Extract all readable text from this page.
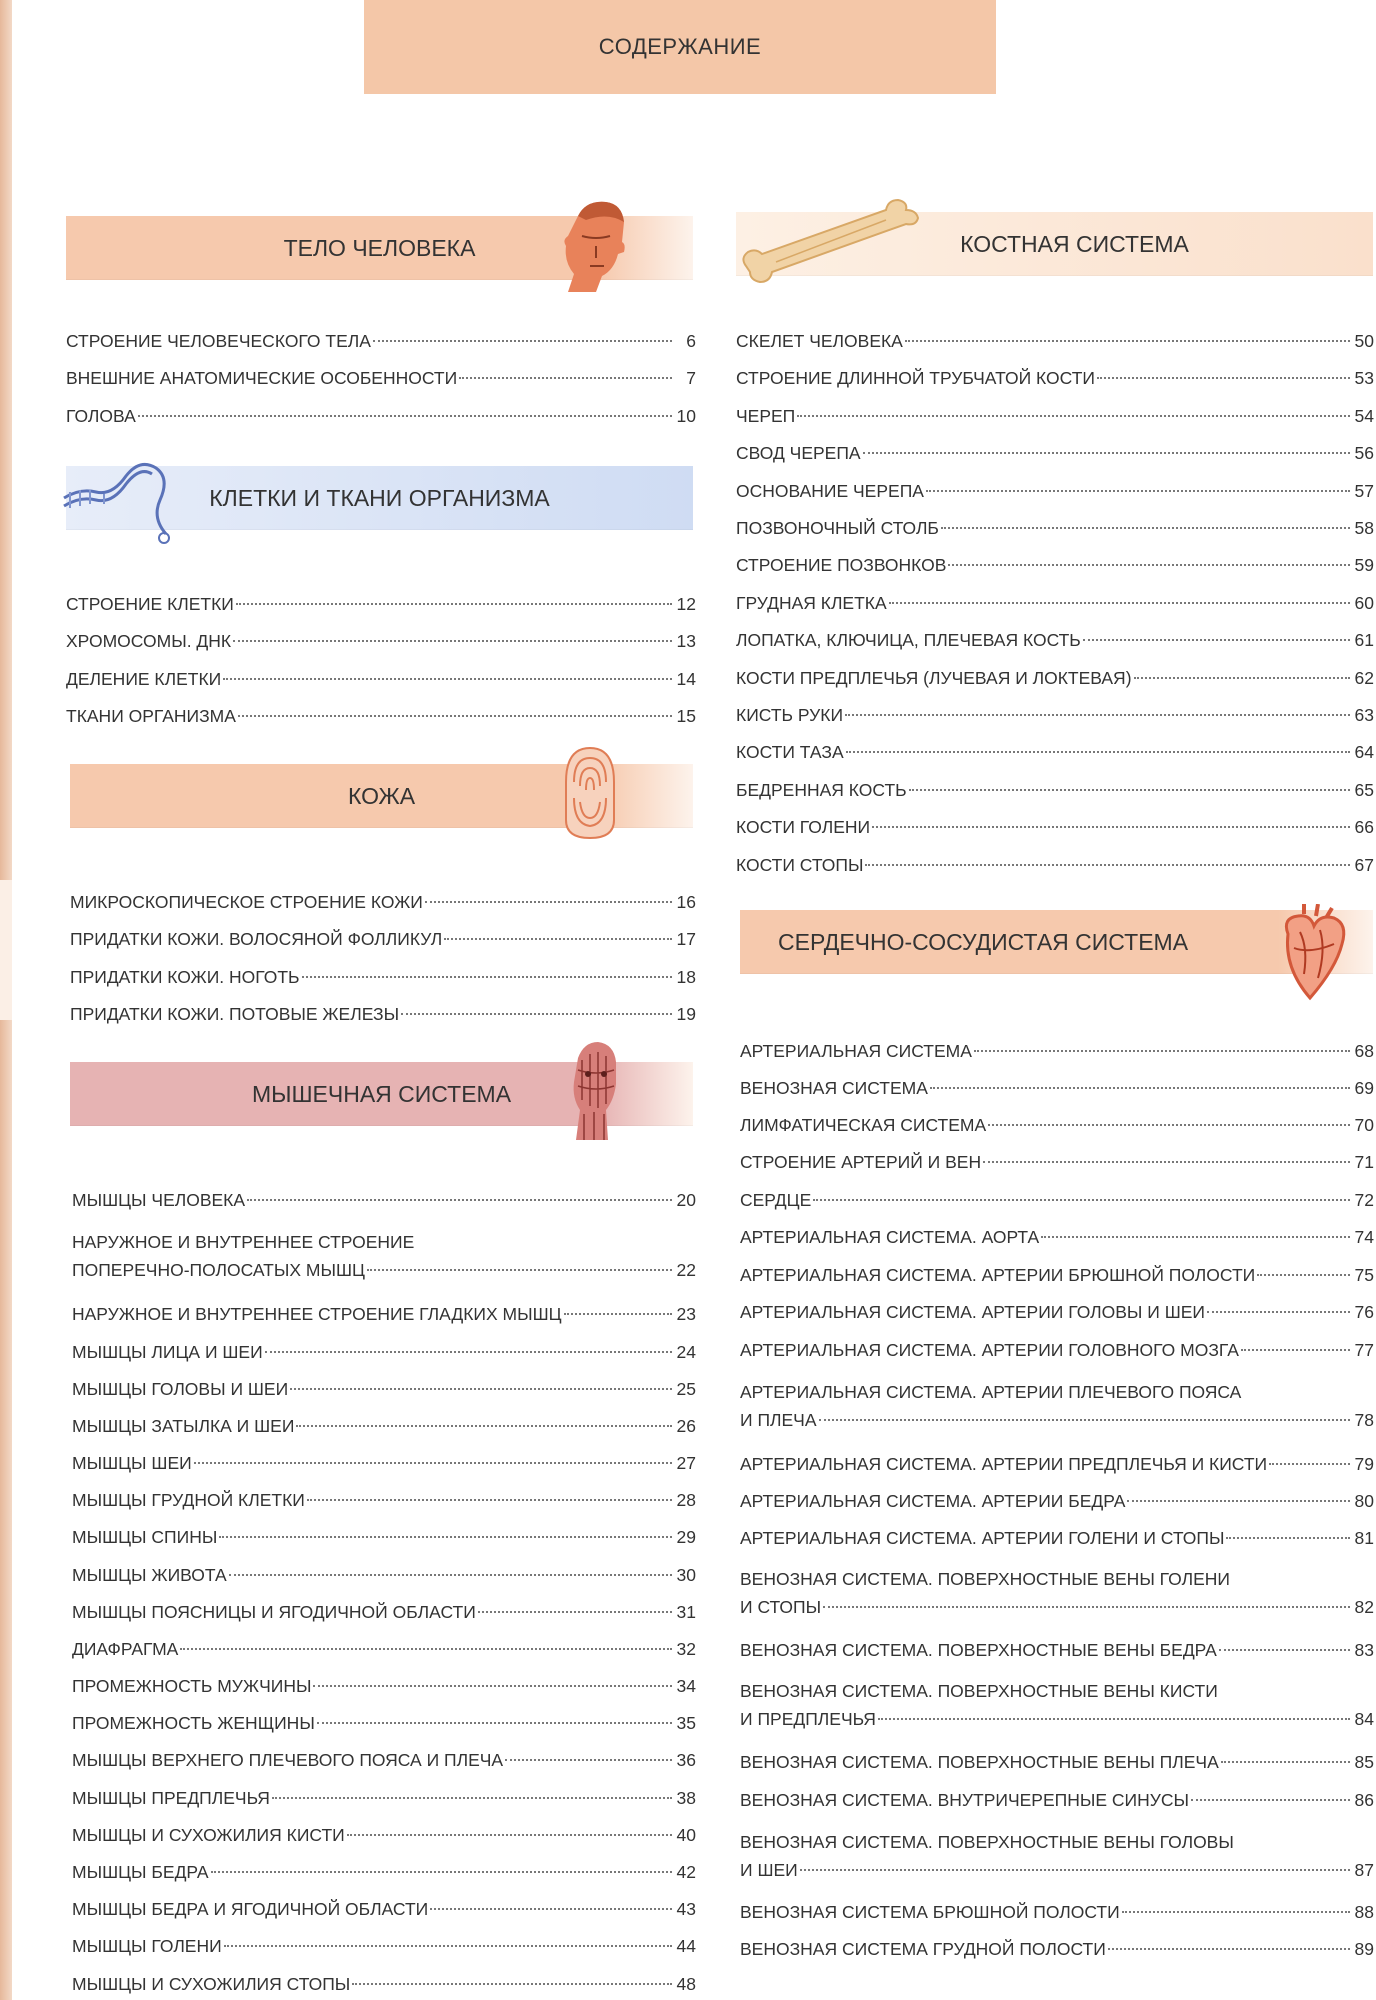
СОДЕРЖАНИЕ
ТЕЛО ЧЕЛОВЕКА
СТРОЕНИЕ ЧЕЛОВЕЧЕСКОГО ТЕЛА	6
ВНЕШНИЕ АНАТОМИЧЕСКИЕ ОСОБЕННОСТИ	7
ГОЛОВА	10
КЛЕТКИ И ТКАНИ ОРГАНИЗМА
СТРОЕНИЕ КЛЕТКИ	12
ХРОМОСОМЫ. ДНК	13
ДЕЛЕНИЕ КЛЕТКИ	14
ТКАНИ ОРГАНИЗМА	15
КОЖА
МИКРОСКОПИЧЕСКОЕ СТРОЕНИЕ КОЖИ	16
ПРИДАТКИ КОЖИ. ВОЛОСЯНОЙ ФОЛЛИКУЛ	17
ПРИДАТКИ КОЖИ. НОГОТЬ	18
ПРИДАТКИ КОЖИ. ПОТОВЫЕ ЖЕЛЕЗЫ	19
МЫШЕЧНАЯ СИСТЕМА
МЫШЦЫ ЧЕЛОВЕКА	20
НАРУЖНОЕ И ВНУТРЕННЕЕ СТРОЕНИЕ
ПОПЕРЕЧНО-ПОЛОСАТЫХ МЫШЦ	22
НАРУЖНОЕ И ВНУТРЕННЕЕ СТРОЕНИЕ ГЛАДКИХ МЫШЦ	23
МЫШЦЫ ЛИЦА И ШЕИ	24
МЫШЦЫ ГОЛОВЫ И ШЕИ	25
МЫШЦЫ ЗАТЫЛКА И ШЕИ	26
МЫШЦЫ ШЕИ	27
МЫШЦЫ ГРУДНОЙ КЛЕТКИ	28
МЫШЦЫ СПИНЫ	29
МЫШЦЫ ЖИВОТА	30
МЫШЦЫ ПОЯСНИЦЫ И ЯГОДИЧНОЙ ОБЛАСТИ	31
ДИАФРАГМА	32
ПРОМЕЖНОСТЬ МУЖЧИНЫ	34
ПРОМЕЖНОСТЬ ЖЕНЩИНЫ	35
МЫШЦЫ ВЕРХНЕГО ПЛЕЧЕВОГО ПОЯСА И ПЛЕЧА	36
МЫШЦЫ ПРЕДПЛЕЧЬЯ	38
МЫШЦЫ И СУХОЖИЛИЯ КИСТИ	40
МЫШЦЫ БЕДРА	42
МЫШЦЫ БЕДРА И ЯГОДИЧНОЙ ОБЛАСТИ	43
МЫШЦЫ ГОЛЕНИ	44
МЫШЦЫ И СУХОЖИЛИЯ СТОПЫ	48
КОСТНАЯ СИСТЕМА
СКЕЛЕТ ЧЕЛОВЕКА	50
СТРОЕНИЕ ДЛИННОЙ ТРУБЧАТОЙ КОСТИ	53
ЧЕРЕП	54
СВОД ЧЕРЕПА	56
ОСНОВАНИЕ ЧЕРЕПА	57
ПОЗВОНОЧНЫЙ СТОЛБ	58
СТРОЕНИЕ ПОЗВОНКОВ	59
ГРУДНАЯ КЛЕТКА	60
ЛОПАТКА, КЛЮЧИЦА, ПЛЕЧЕВАЯ КОСТЬ	61
КОСТИ ПРЕДПЛЕЧЬЯ (ЛУЧЕВАЯ И ЛОКТЕВАЯ)	62
КИСТЬ РУКИ	63
КОСТИ ТАЗА	64
БЕДРЕННАЯ КОСТЬ	65
КОСТИ ГОЛЕНИ	66
КОСТИ СТОПЫ	67
СЕРДЕЧНО-СОСУДИСТАЯ СИСТЕМА
АРТЕРИАЛЬНАЯ СИСТЕМА	68
ВЕНОЗНАЯ СИСТЕМА	69
ЛИМФАТИЧЕСКАЯ СИСТЕМА	70
СТРОЕНИЕ АРТЕРИЙ И ВЕН	71
СЕРДЦЕ	72
АРТЕРИАЛЬНАЯ СИСТЕМА. АОРТА	74
АРТЕРИАЛЬНАЯ СИСТЕМА. АРТЕРИИ БРЮШНОЙ ПОЛОСТИ	75
АРТЕРИАЛЬНАЯ СИСТЕМА. АРТЕРИИ ГОЛОВЫ И ШЕИ	76
АРТЕРИАЛЬНАЯ СИСТЕМА. АРТЕРИИ ГОЛОВНОГО МОЗГА	77
АРТЕРИАЛЬНАЯ СИСТЕМА. АРТЕРИИ ПЛЕЧЕВОГО ПОЯСА
И ПЛЕЧА	78
АРТЕРИАЛЬНАЯ СИСТЕМА. АРТЕРИИ ПРЕДПЛЕЧЬЯ И КИСТИ	79
АРТЕРИАЛЬНАЯ СИСТЕМА. АРТЕРИИ БЕДРА	80
АРТЕРИАЛЬНАЯ СИСТЕМА. АРТЕРИИ ГОЛЕНИ И СТОПЫ	81
ВЕНОЗНАЯ СИСТЕМА. ПОВЕРХНОСТНЫЕ ВЕНЫ ГОЛЕНИ
И СТОПЫ	82
ВЕНОЗНАЯ СИСТЕМА. ПОВЕРХНОСТНЫЕ ВЕНЫ БЕДРА	83
ВЕНОЗНАЯ СИСТЕМА. ПОВЕРХНОСТНЫЕ ВЕНЫ КИСТИ
И ПРЕДПЛЕЧЬЯ	84
ВЕНОЗНАЯ СИСТЕМА. ПОВЕРХНОСТНЫЕ ВЕНЫ ПЛЕЧА	85
ВЕНОЗНАЯ СИСТЕМА. ВНУТРИЧЕРЕПНЫЕ СИНУСЫ	86
ВЕНОЗНАЯ СИСТЕМА. ПОВЕРХНОСТНЫЕ ВЕНЫ ГОЛОВЫ
И ШЕИ	87
ВЕНОЗНАЯ СИСТЕМА БРЮШНОЙ ПОЛОСТИ	88
ВЕНОЗНАЯ СИСТЕМА ГРУДНОЙ ПОЛОСТИ	89
